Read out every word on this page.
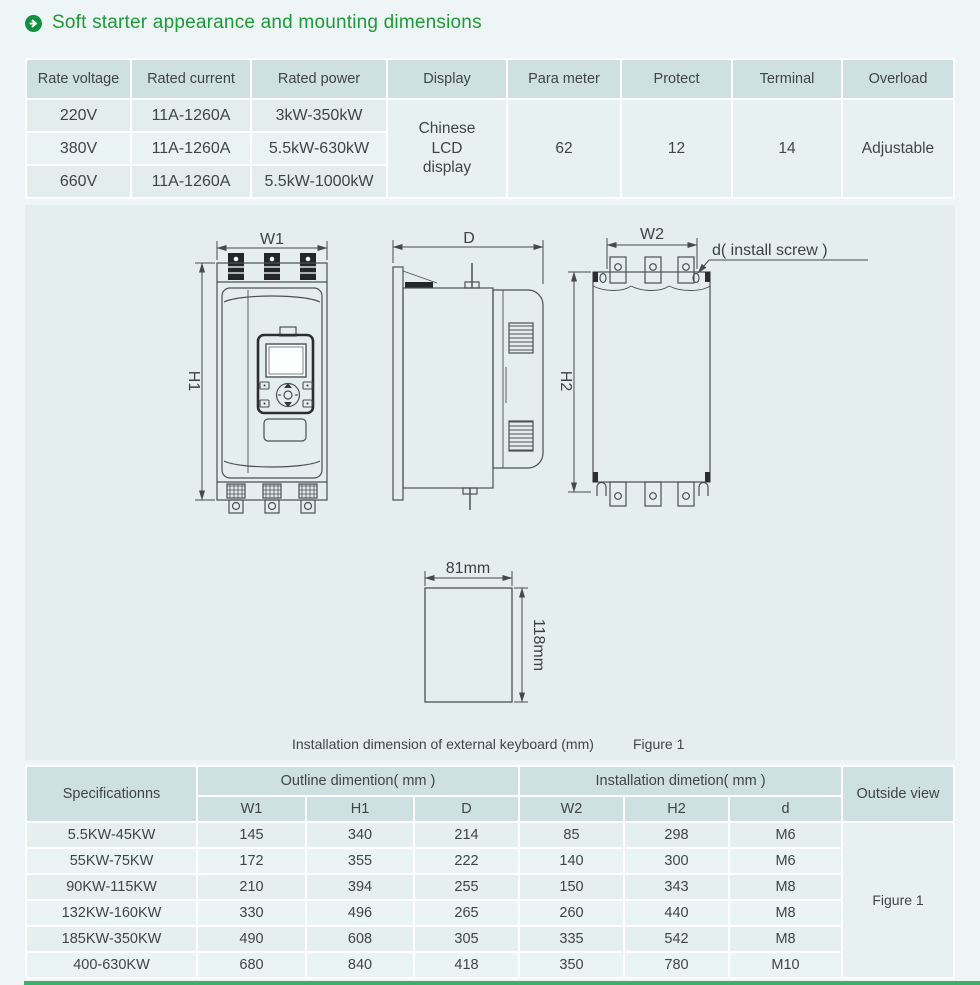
Soft starter appearance and mounting dimensions
Rate voltage	Rated current	Rated power	Display	Para meter	Protect	Terminal	Overload
220V	11A-1260A	3kW-350kW	Chinese LCD display	62	12	14	Adjustable
380V	11A-1260A	5.5kW-630kW					
660V	11A-1260A	5.5kW-1000kW					
W1
H1
D	W2
H2
d( install screw )
81mm
118mm
Installation dimension of external keyboard (mm)	Figure 1
Specificationns	Outline dimention( mm )			Installation dimetion( mm )			Outside view
	W1	H1	D	W2	H2	d	
5.5KW-45KW	145	340	214	85	298	M6	Figure 1
55KW-75KW	172	355	222	140	300	M6	
90KW-115KW	210	394	255	150	343	M8	
132KW-160KW	330	496	265	260	440	M8	
185KW-350KW	490	608	305	335	542	M8	
400-630KW	680	840	418	350	780	M10	
